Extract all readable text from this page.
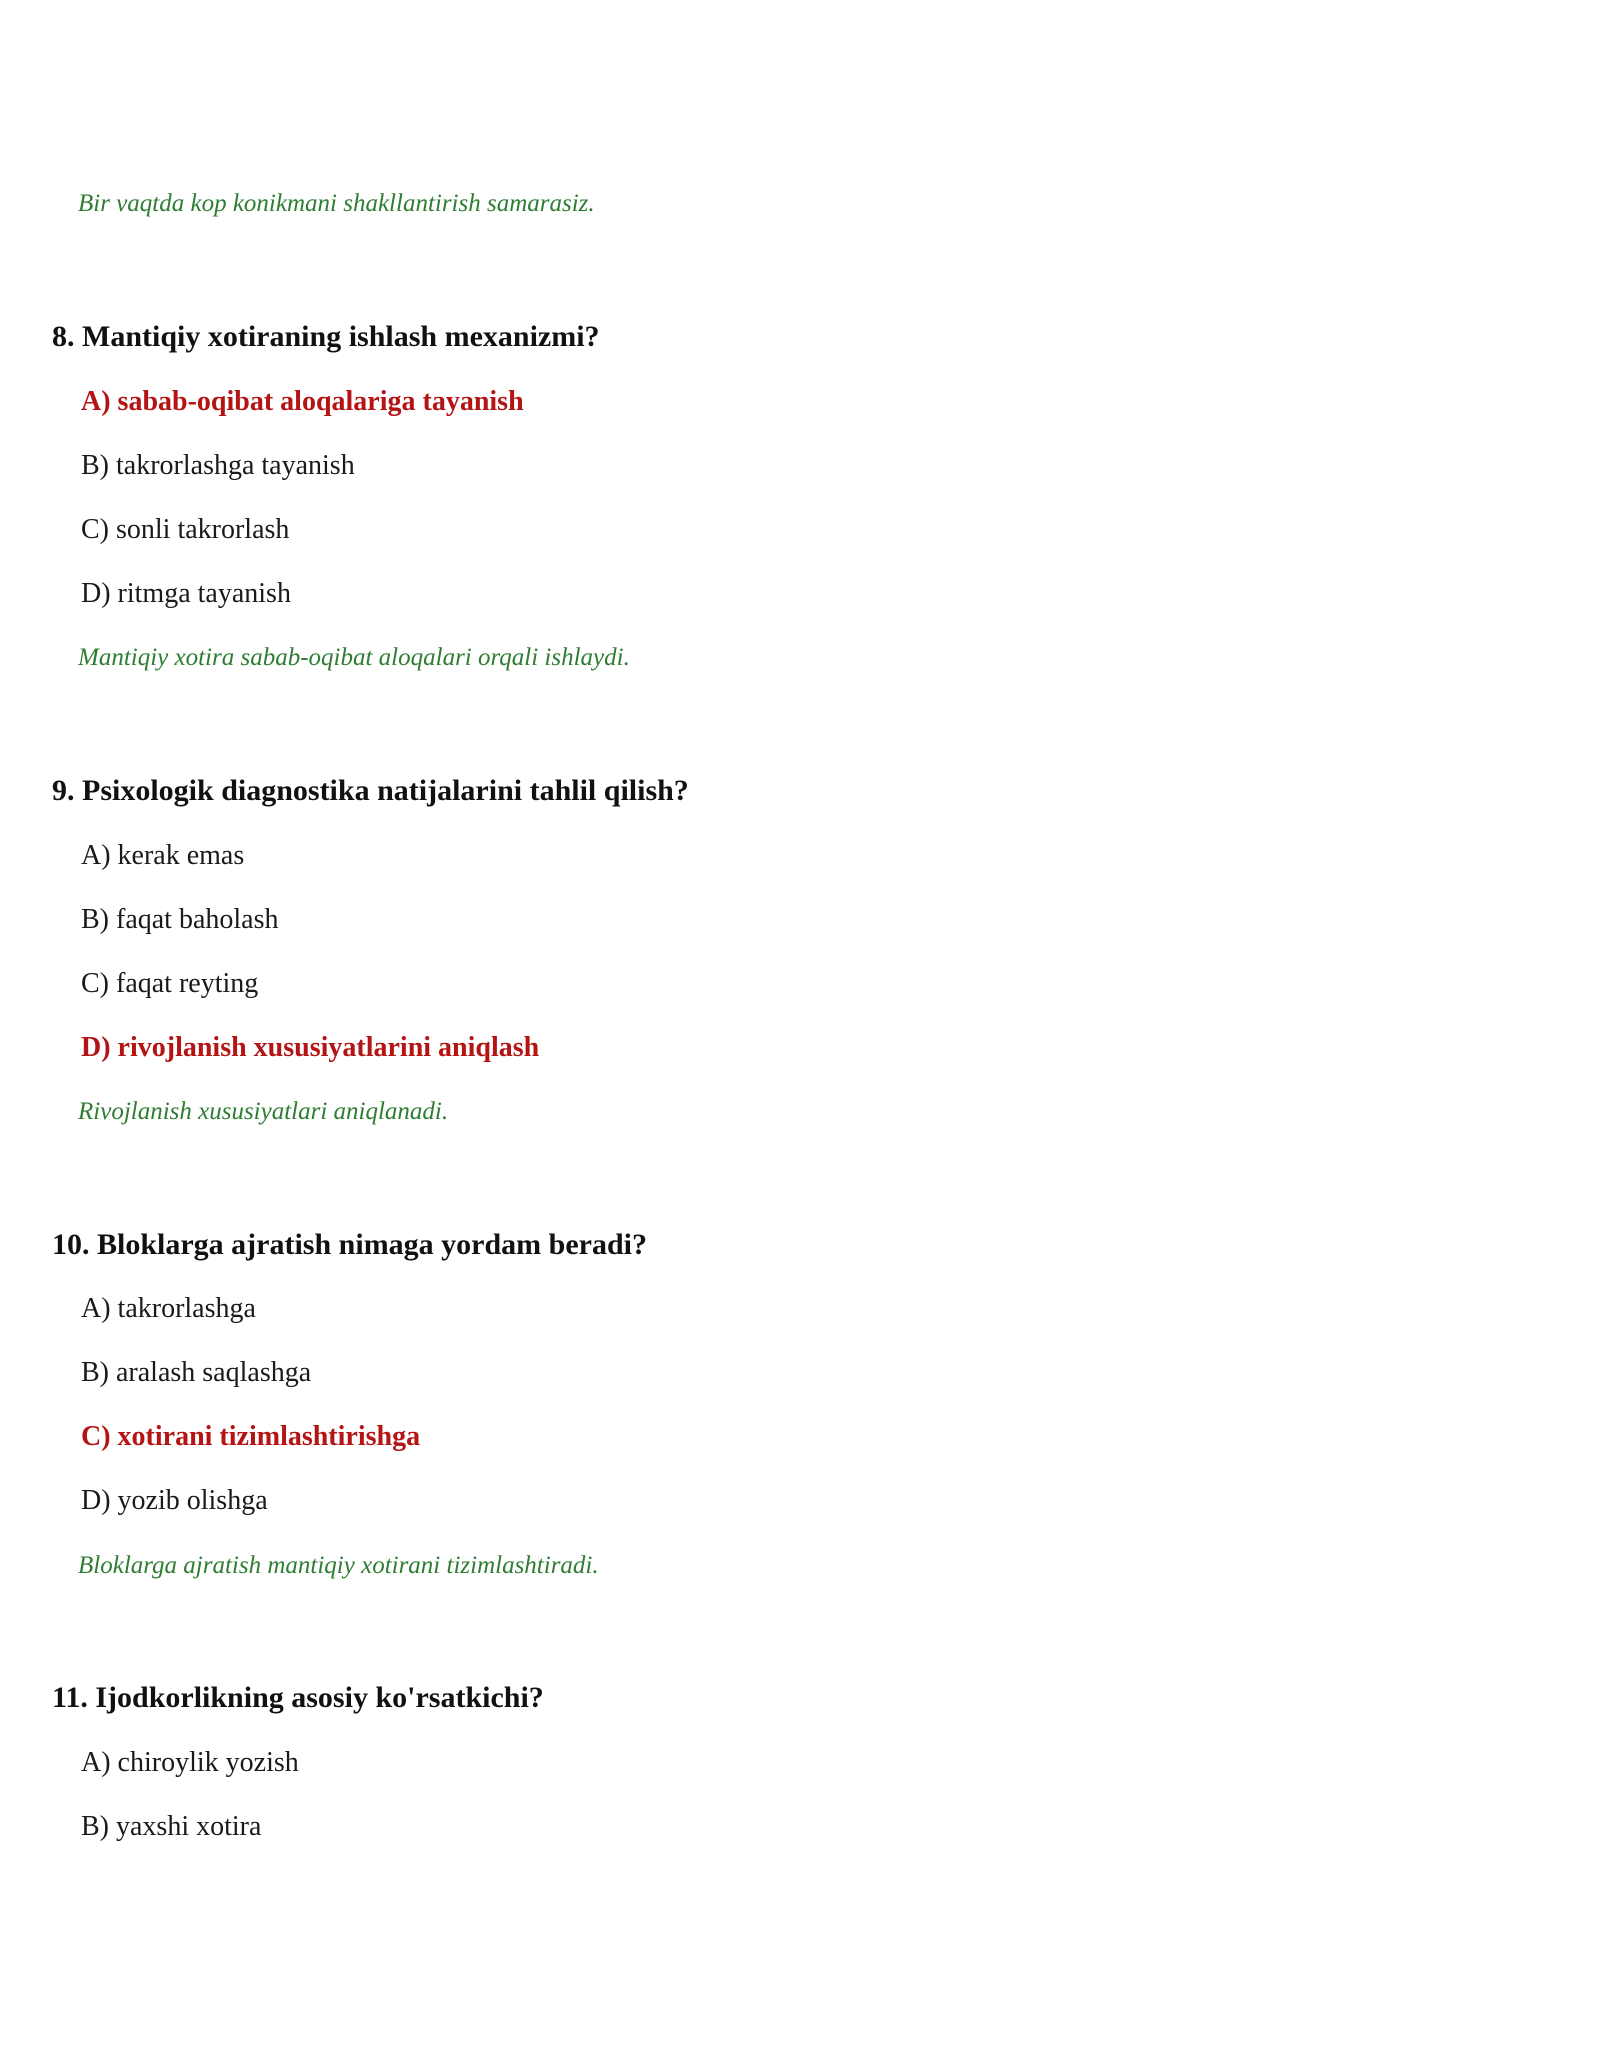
Bir vaqtda kop konikmani shakllantirish samarasiz.
8. Mantiqiy xotiraning ishlash mexanizmi?
A) sabab-oqibat aloqalariga tayanish
B) takrorlashga tayanish
C) sonli takrorlash
D) ritmga tayanish
Mantiqiy xotira sabab-oqibat aloqalari orqali ishlaydi.
9. Psixologik diagnostika natijalarini tahlil qilish?
A) kerak emas
B) faqat baholash
C) faqat reyting
D) rivojlanish xususiyatlarini aniqlash
Rivojlanish xususiyatlari aniqlanadi.
10. Bloklarga ajratish nimaga yordam beradi?
A) takrorlashga
B) aralash saqlashga
C) xotirani tizimlashtirishga
D) yozib olishga
Bloklarga ajratish mantiqiy xotirani tizimlashtiradi.
11. Ijodkorlikning asosiy ko'rsatkichi?
A) chiroylik yozish
B) yaxshi xotira
